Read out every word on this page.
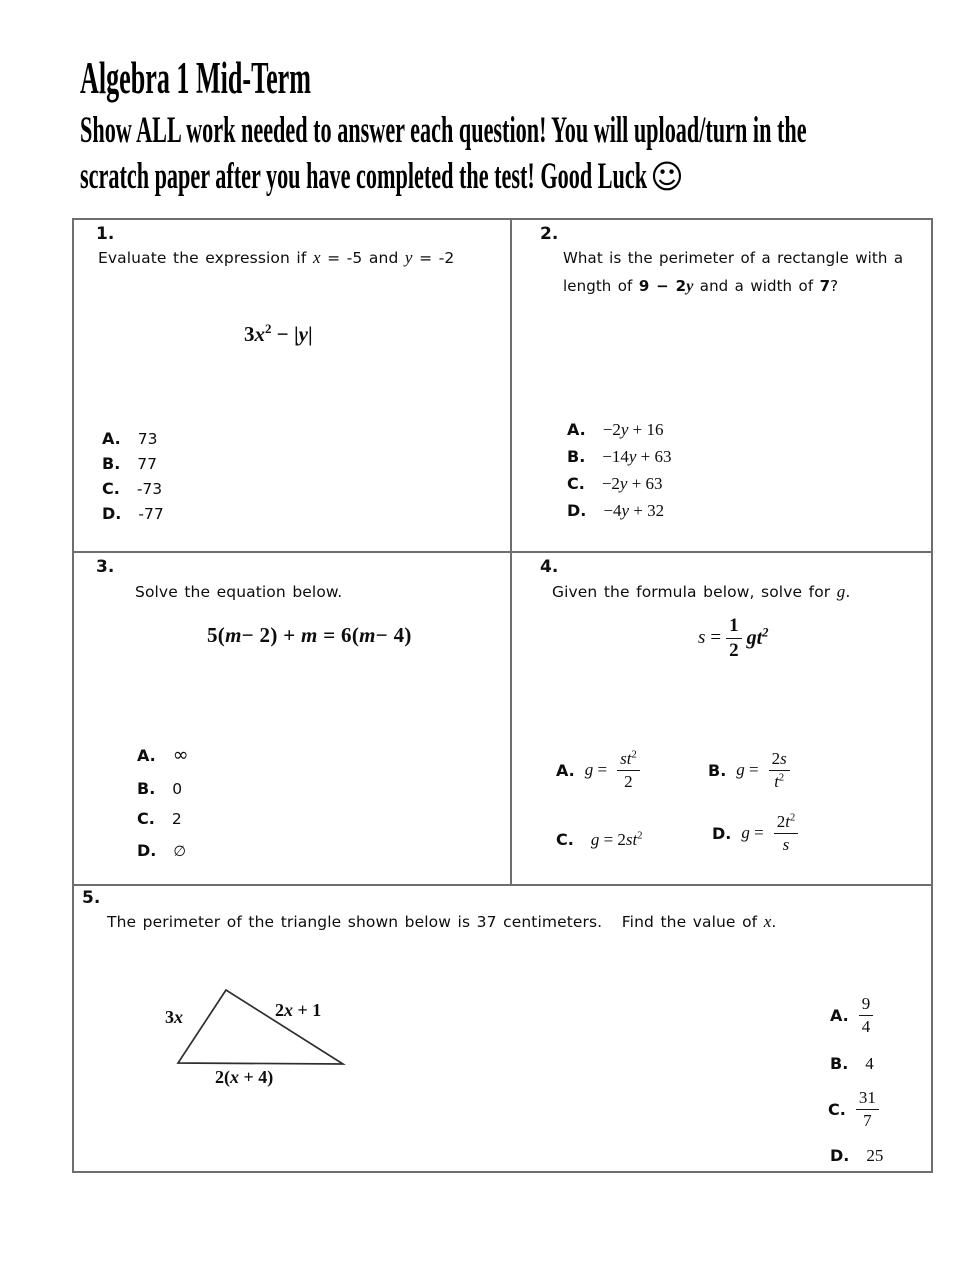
Algebra 1 Mid-Term
Show ALL work needed to answer each question! You will upload/turn in the
scratch paper after you have completed the test! Good Luck☺
1.
Evaluate the expression if x = -5 and y = -2
$3x^2 - |y|$
A. 73
B. 77
C. -73
D. -77
2.
What is the perimeter of a rectangle with a
length of 9 − 2y and a width of 7?
A. −2y + 16
B. −14y + 63
C. −2y + 63
D. −4y + 32
3.
Solve the equation below.
5(m− 2) + m = 6(m− 4)
A. ∞
B. 0
C. 2
D. ∅
4.
Given the formula below, solve for g.
$s = \frac{1}{2} gt^2$
A. $g = \frac{st^2}{2}$	B. $g = \frac{2s}{t^2}$
C. $g = 2st^2$	D. $g = \frac{2t^2}{s}$
5.
The perimeter of the triangle shown below is 37 centimeters.   Find the value of x.
3x	2x + 1
2(x + 4)
A. $\frac{9}{4}$
B. 4
C. $\frac{31}{7}$
D. 25
